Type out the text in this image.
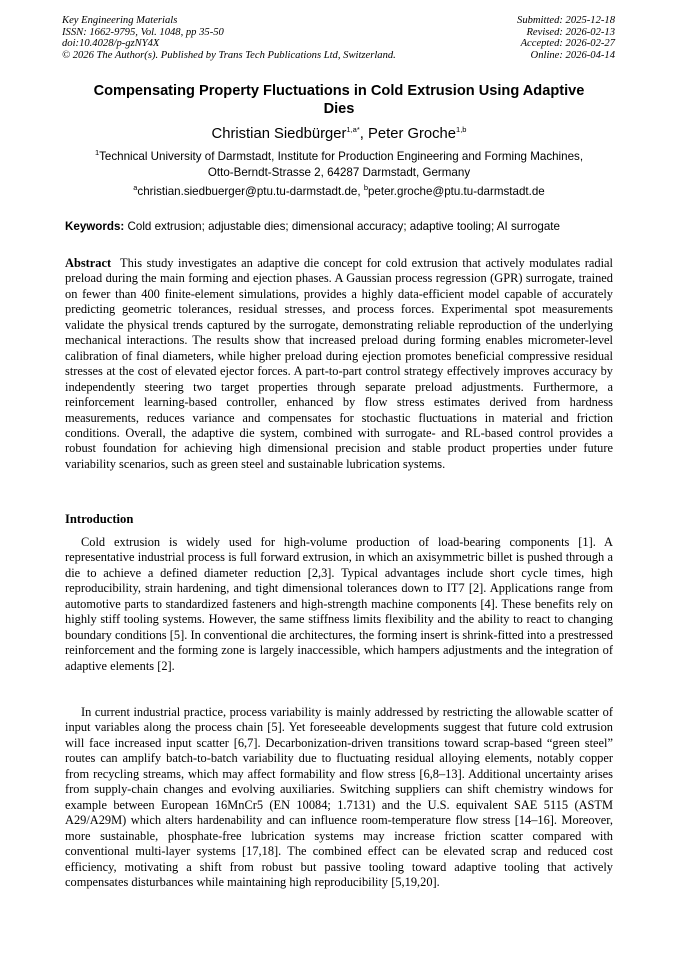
Key Engineering Materials
ISSN: 1662-9795, Vol. 1048, pp 35-50
doi:10.4028/p-gzNY4X
© 2026 The Author(s). Published by Trans Tech Publications Ltd, Switzerland.
Submitted: 2025-12-18
Revised: 2026-02-13
Accepted: 2026-02-27
Online: 2026-04-14
Compensating Property Fluctuations in Cold Extrusion Using Adaptive Dies
Christian Siedbürger$^{1,a*}$, Peter Groche$^{1,b}$
$^1$Technical University of Darmstadt, Institute for Production Engineering and Forming Machines,
Otto-Berndt-Strasse 2, 64287 Darmstadt, Germany
$^a$christian.siedbuerger@ptu.tu-darmstadt.de, $^b$peter.groche@ptu.tu-darmstadt.de
Keywords: Cold extrusion; adjustable dies; dimensional accuracy; adaptive tooling; AI surrogate
Abstract This study investigates an adaptive die concept for cold extrusion that actively modulates radial preload during the main forming and ejection phases. A Gaussian process regression (GPR) surrogate, trained on fewer than 400 finite-element simulations, provides a highly data-efficient model capable of accurately predicting geometric tolerances, residual stresses, and process forces. Experimental spot measurements validate the physical trends captured by the surrogate, demonstrating reliable reproduction of the underlying mechanical interactions. The results show that increased preload during forming enables micrometer-level calibration of final diameters, while higher preload during ejection promotes beneficial compressive residual stresses at the cost of elevated ejector forces. A part-to-part control strategy effectively improves accuracy by independently steering two target properties through separate preload adjustments. Furthermore, a reinforcement learning-based controller, enhanced by flow stress estimates derived from hardness measurements, reduces variance and compensates for stochastic fluctuations in material and friction conditions. Overall, the adaptive die system, combined with surrogate- and RL-based control provides a robust foundation for achieving high dimensional precision and stable product properties under future variability scenarios, such as green steel and sustainable lubrication systems.
Introduction
Cold extrusion is widely used for high-volume production of load-bearing components [1]. A representative industrial process is full forward extrusion, in which an axisymmetric billet is pushed through a die to achieve a defined diameter reduction [2,3]. Typical advantages include short cycle times, high reproducibility, strain hardening, and tight dimensional tolerances down to IT7 [2]. Applications range from automotive parts to standardized fasteners and high-strength machine components [4]. These benefits rely on highly stiff tooling systems. However, the same stiffness limits flexibility and the ability to react to changing boundary conditions [5]. In conventional die architectures, the forming insert is shrink-fitted into a prestressed reinforcement and the forming zone is largely inaccessible, which hampers adjustments and the integration of adaptive elements [2].
In current industrial practice, process variability is mainly addressed by restricting the allowable scatter of input variables along the process chain [5]. Yet foreseeable developments suggest that future cold extrusion will face increased input scatter [6,7]. Decarbonization-driven transitions toward scrap-based “green steel” routes can amplify batch-to-batch variability due to fluctuating residual alloying elements, notably copper from recycling streams, which may affect formability and flow stress [6,8–13]. Additional uncertainty arises from supply-chain changes and evolving auxiliaries. Switching suppliers can shift chemistry windows for example between European 16MnCr5 (EN 10084; 1.7131) and the U.S. equivalent SAE 5115 (ASTM A29/A29M) which alters hardenability and can influence room-temperature flow stress [14–16]. Moreover, more sustainable, phosphate-free lubrication systems may increase friction scatter compared with conventional multi-layer systems [17,18]. The combined effect can be elevated scrap and reduced cost efficiency, motivating a shift from robust but passive tooling toward adaptive tooling that actively compensates disturbances while maintaining high reproducibility [5,19,20].
